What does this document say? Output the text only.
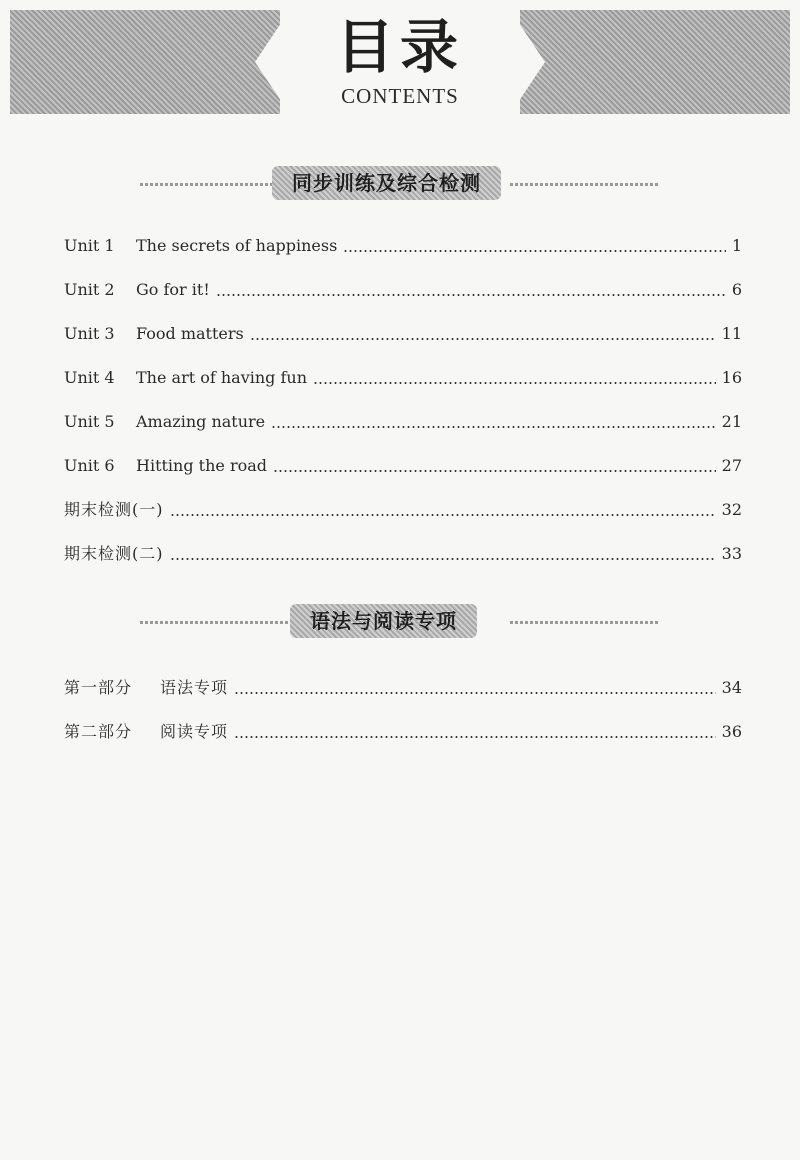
目录
CONTENTS
同步训练及综合检测
Unit 1 The secrets of happiness	1
Unit 2 Go for it!	6
Unit 3 Food matters	11
Unit 4 The art of having fun	16
Unit 5 Amazing nature	21
Unit 6 Hitting the road	27
期末检测(一)	32
期末检测(二)	33
语法与阅读专项
第一部分 语法专项	34
第二部分 阅读专项	36
